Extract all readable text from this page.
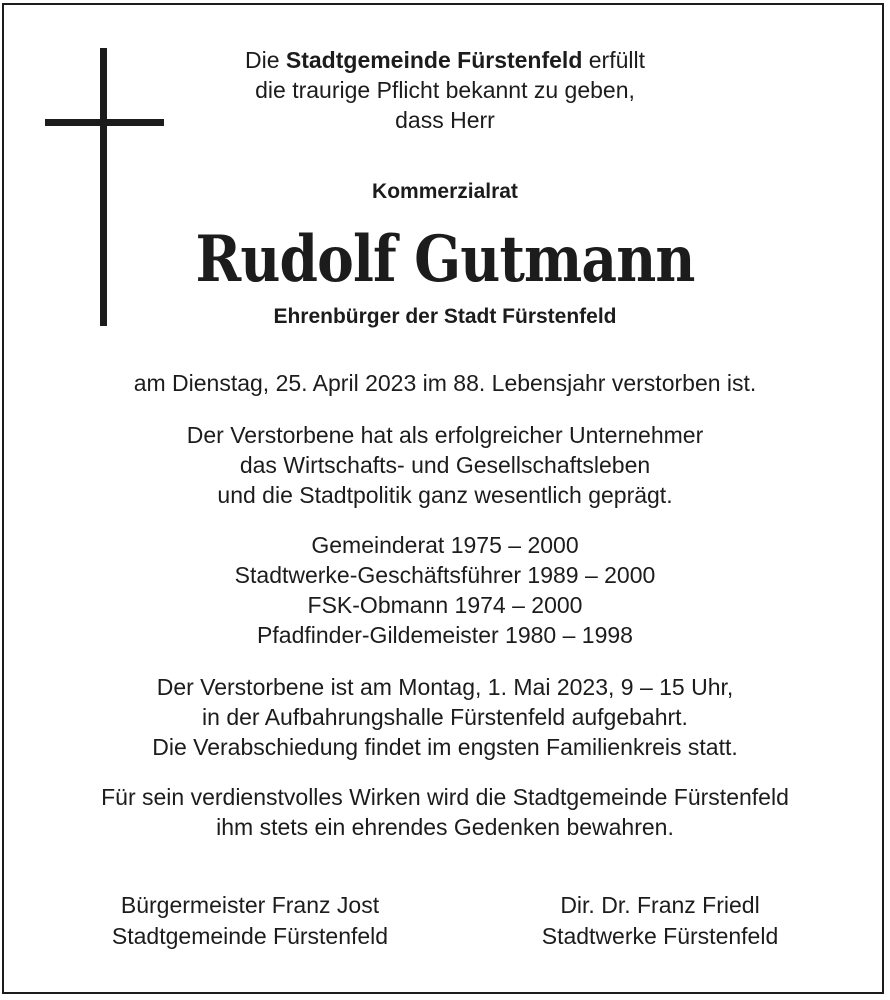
Die Stadtgemeinde Fürstenfeld erfüllt
die traurige Pflicht bekannt zu geben,
dass Herr
Kommerzialrat
Rudolf Gutmann
Ehrenbürger der Stadt Fürstenfeld
am Dienstag, 25. April 2023 im 88. Lebensjahr verstorben ist.
Der Verstorbene hat als erfolgreicher Unternehmer
das Wirtschafts- und Gesellschaftsleben
und die Stadtpolitik ganz wesentlich geprägt.
Gemeinderat 1975 – 2000
Stadtwerke-Geschäftsführer 1989 – 2000
FSK-Obmann 1974 – 2000
Pfadfinder-Gildemeister 1980 – 1998
Der Verstorbene ist am Montag, 1. Mai 2023, 9 – 15 Uhr,
in der Aufbahrungshalle Fürstenfeld aufgebahrt.
Die Verabschiedung findet im engsten Familienkreis statt.
Für sein verdienstvolles Wirken wird die Stadtgemeinde Fürstenfeld
ihm stets ein ehrendes Gedenken bewahren.
Bürgermeister Franz Jost
Stadtgemeinde Fürstenfeld
Dir. Dr. Franz Friedl
Stadtwerke Fürstenfeld
